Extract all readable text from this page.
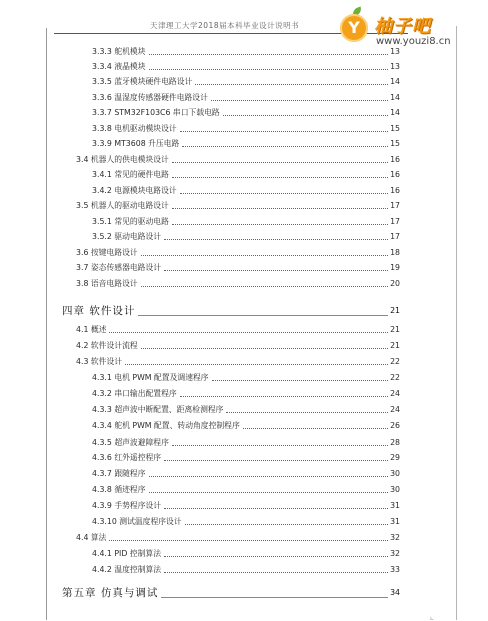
天津理工大学2018届本科毕业设计说明书	Y 柚子吧
www.youzi8.cn
3.3.3 舵机模块	13
3.3.4 液晶模块	13
3.3.5 蓝牙模块硬件电路设计	14
3.3.6 温湿度传感器硬件电路设计	14
3.3.7 STM32F103C6 串口下载电路	14
3.3.8 电机驱动模块设计	15
3.3.9 MT3608 升压电路	15
3.4 机器人的供电模块设计	16
3.4.1 常见的硬件电路	16
3.4.2 电源模块电路设计	16
3.5 机器人的驱动电路设计	17
3.5.1 常见的驱动电路	17
3.5.2 驱动电路设计	17
3.6 按键电路设计	18
3.7 姿态传感器电路设计	19
3.8 语音电路设计	20
四章 软件设计	21
4.1 概述	21
4.2 软件设计流程	21
4.3 软件设计	22
4.3.1 电机 PWM 配置及调速程序	22
4.3.2 串口输出配置程序	24
4.3.3 超声波中断配置、距离检测程序	24
4.3.4 舵机 PWM 配置、转动角度控制程序	26
4.3.5 超声波避障程序	28
4.3.6 红外遥控程序	29
4.3.7 跟随程序	30
4.3.8 循迹程序	30
4.3.9 手势程序设计	31
4.3.10 测试温度程序设计	31
4.4 算法	32
4.4.1 PID 控制算法	32
4.4.2 温度控制算法	33
第五章 仿真与调试	34
⌞
